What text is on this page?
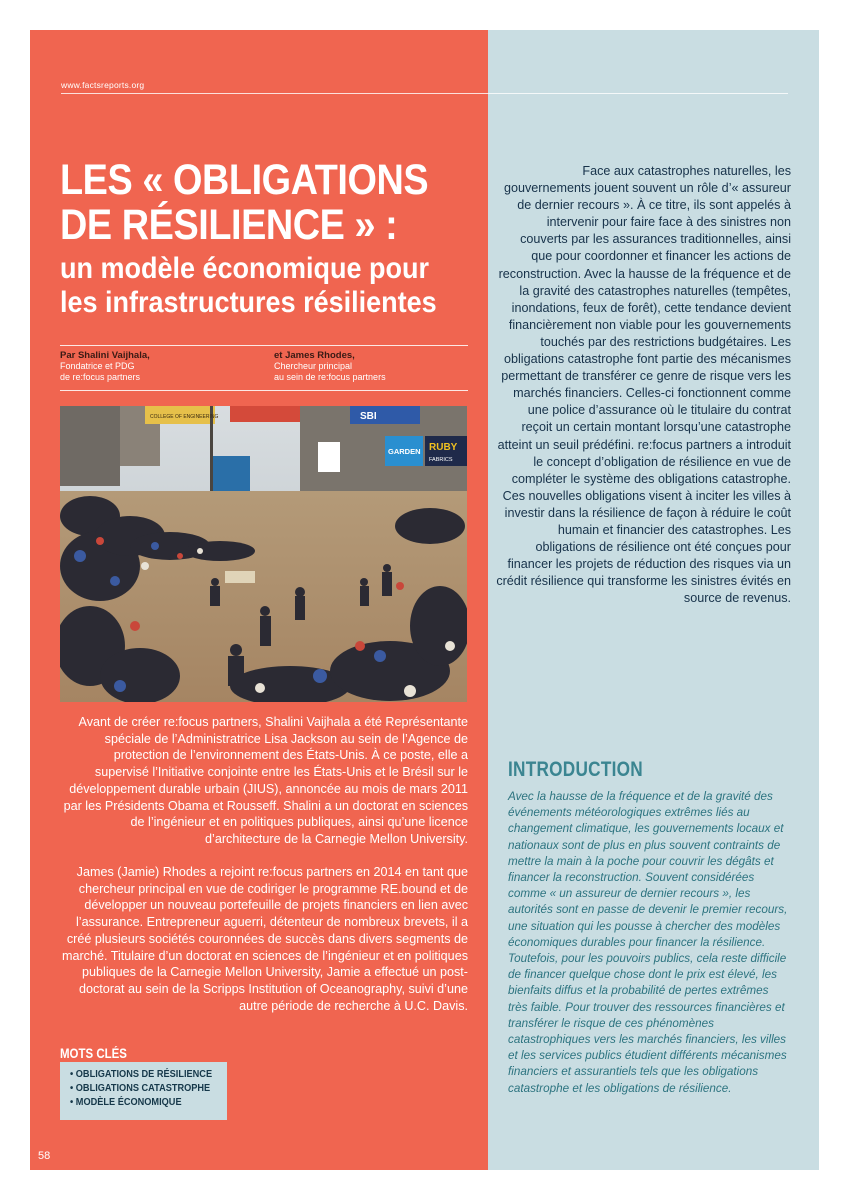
www.factsreports.org
LES « OBLIGATIONS
DE RÉSILIENCE » :
un modèle économique pour
les infrastructures résilientes
Par Shalini Vaijhala,
Fondatrice et PDG
de re:focus partners
et James Rhodes,
Chercheur principal
au sein de re:focus partners
SBI
GARDEN RUBY
FABRICS
COLLEGE OF ENGINEERING

Avant de créer re:focus partners, Shalini Vaijhala a été Représentante spéciale de l’Administratrice Lisa Jackson au sein de l’Agence de protection de l’environnement des États-Unis. À ce poste, elle a supervisé l’Initiative conjointe entre les États-Unis et le Brésil sur le développement durable urbain (JIUS), annoncée au mois de mars 2011 par les Présidents Obama et Rousseff. Shalini a un doctorat en sciences de l’ingénieur et en politiques publiques, ainsi qu’une licence d’architecture de la Carnegie Mellon University.

James (Jamie) Rhodes a rejoint re:focus partners en 2014 en tant que chercheur principal en vue de codiriger le programme RE.bound et de développer un nouveau portefeuille de projets financiers en lien avec l’assurance. Entrepreneur aguerri, détenteur de nombreux brevets, il a créé plusieurs sociétés couronnées de succès dans divers segments de marché. Titulaire d’un doctorat en sciences de l’ingénieur et en politiques publiques de la Carnegie Mellon University, Jamie a effectué un post-doctorat au sein de la Scripps Institution of Oceanography, suivi d’une autre période de recherche à U.C. Davis.

MOTS CLÉS
• OBLIGATIONS DE RÉSILIENCE
• OBLIGATIONS CATASTROPHE
• MODÈLE ÉCONOMIQUE
58

Face aux catastrophes naturelles, les gouvernements jouent souvent un rôle d’« assureur de dernier recours ». À ce titre, ils sont appelés à intervenir pour faire face à des sinistres non couverts par les assurances traditionnelles, ainsi que pour coordonner et financer les actions de reconstruction. Avec la hausse de la fréquence et de la gravité des catastrophes naturelles (tempêtes, inondations, feux de forêt), cette tendance devient financièrement non viable pour les gouvernements touchés par des restrictions budgétaires. Les obligations catastrophe font partie des mécanismes permettant de transférer ce genre de risque vers les marchés financiers. Celles-ci fonctionnent comme une police d’assurance où le titulaire du contrat reçoit un certain montant lorsqu’une catastrophe atteint un seuil prédéfini. re:focus partners a introduit le concept d’obligation de résilience en vue de compléter le système des obligations catastrophe. Ces nouvelles obligations visent à inciter les villes à investir dans la résilience de façon à réduire le coût humain et financier des catastrophes. Les obligations de résilience ont été conçues pour financer les projets de réduction des risques via un crédit résilience qui transforme les sinistres évités en source de revenus.

INTRODUCTION

Avec la hausse de la fréquence et de la gravité des événements météorologiques extrêmes liés au changement climatique, les gouvernements locaux et nationaux sont de plus en plus souvent contraints de mettre la main à la poche pour couvrir les dégâts et financer la reconstruction. Souvent considérées comme « un assureur de dernier recours », les autorités sont en passe de devenir le premier recours, une situation qui les pousse à chercher des modèles économiques durables pour financer la résilience. Toutefois, pour les pouvoirs publics, cela reste difficile de financer quelque chose dont le prix est élevé, les bienfaits diffus et la probabilité de pertes extrêmes très faible. Pour trouver des ressources financières et transférer le risque de ces phénomènes catastrophiques vers les marchés financiers, les villes et les services publics étudient différents mécanismes financiers et assurantiels tels que les obligations catastrophe et les obligations de résilience.
